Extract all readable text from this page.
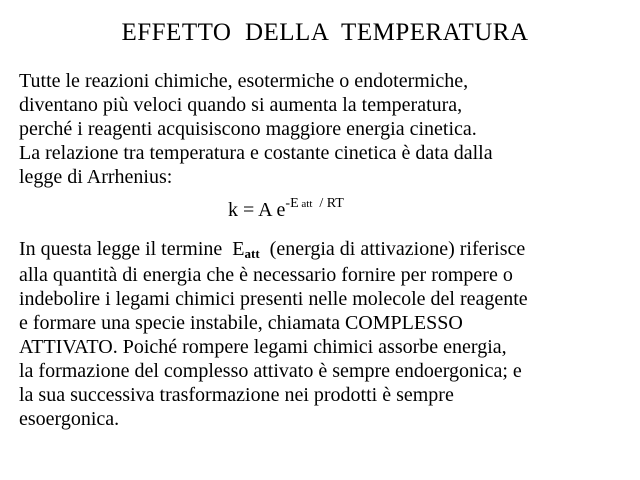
EFFETTO  DELLA  TEMPERATURA
Tutte le reazioni chimiche, esotermiche o endotermiche,
diventano più veloci quando si aumenta la temperatura,
perché i reagenti acquisiscono maggiore energia cinetica.
La relazione tra temperatura e costante cinetica è data dalla
legge di Arrhenius:
k = A $e^{-E att / RT}$
In questa legge il termine  Eatt  (energia di attivazione) riferisce
alla quantità di energia che è necessario fornire per rompere o
indebolire i legami chimici presenti nelle molecole del reagente
e formare una specie instabile, chiamata COMPLESSO
ATTIVATO. Poiché rompere legami chimici assorbe energia,
la formazione del complesso attivato è sempre endoergonica; e
la sua successiva trasformazione nei prodotti è sempre
esoergonica.
